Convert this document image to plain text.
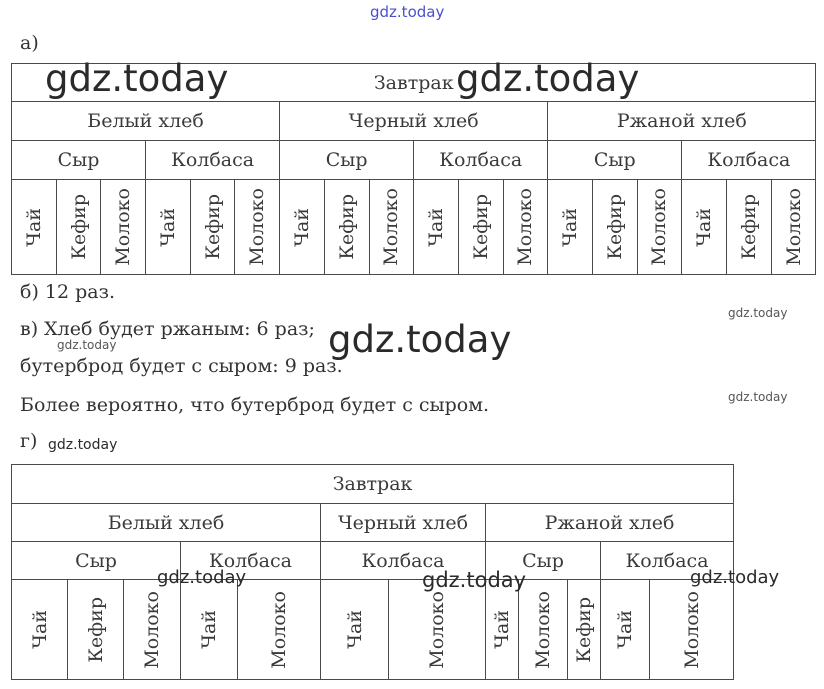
gdz.today
а)
Завтрак																	
Белый хлеб						Черный хлеб						Ржаной хлеб					
Сыр			Колбаса			Сыр			Колбаса			Сыр			Колбаса		

Чай	Кефир	Молоко	Чай	Кефир	Молоко	Чай	Кефир	Молоко	Чай	Кефир	Молоко	Чай	Кефир	Молоко	Чай	Кефир	Молоко
gdz.today	gdz.today
б) 12 раз.
gdz.today
в) Хлеб будет ржаным: 6 раз;
gdz.today	gdz.today
бутерброд будет с сыром: 9 раз.
Более вероятно, что бутерброд будет с сыром.	gdz.today
г) gdz.today
Завтрак											
Белый хлеб					Черный хлеб		Ржаной хлеб				
Сыр			Колбаса		Колбаса		Сыр			Колбаса	

Чай	Кефир	Молоко	Чай	Молоко	Чай	Молоко	Чай	Молоко	Кефир	Чай	Молоко
gdz.today	gdz.today	gdz.today
